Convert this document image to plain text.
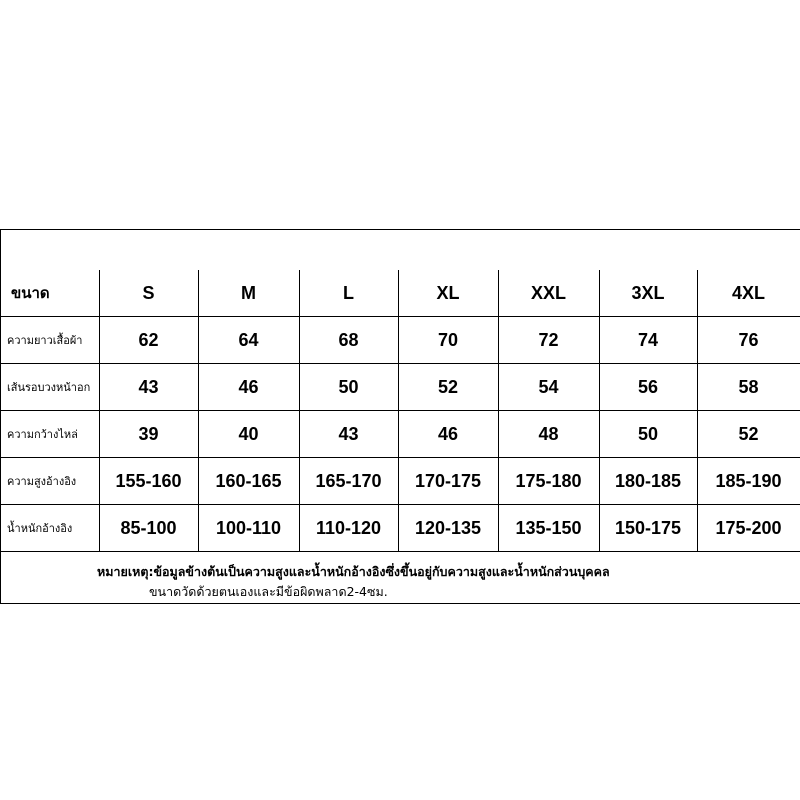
ขนาด	S	M	L	XL	XXL	3XL	4XL
ความยาวเสื้อผ้า	62	64	68	70	72	74	76
เส้นรอบวงหน้าอก	43	46	50	52	54	56	58
ความกว้างไหล่	39	40	43	46	48	50	52
ความสูงอ้างอิง	155-160	160-165	165-170	170-175	175-180	180-185	185-190
น้ำหนักอ้างอิง	85-100	100-110	110-120	120-135	135-150	150-175	175-200
หมายเหตุ:ข้อมูลข้างต้นเป็นความสูงและน้ำหนักอ้างอิงซึ่งขึ้นอยู่กับความสูงและน้ำหนักส่วนบุคคล
ขนาดวัดด้วยตนเองและมีข้อผิดพลาด2-4ซม.
